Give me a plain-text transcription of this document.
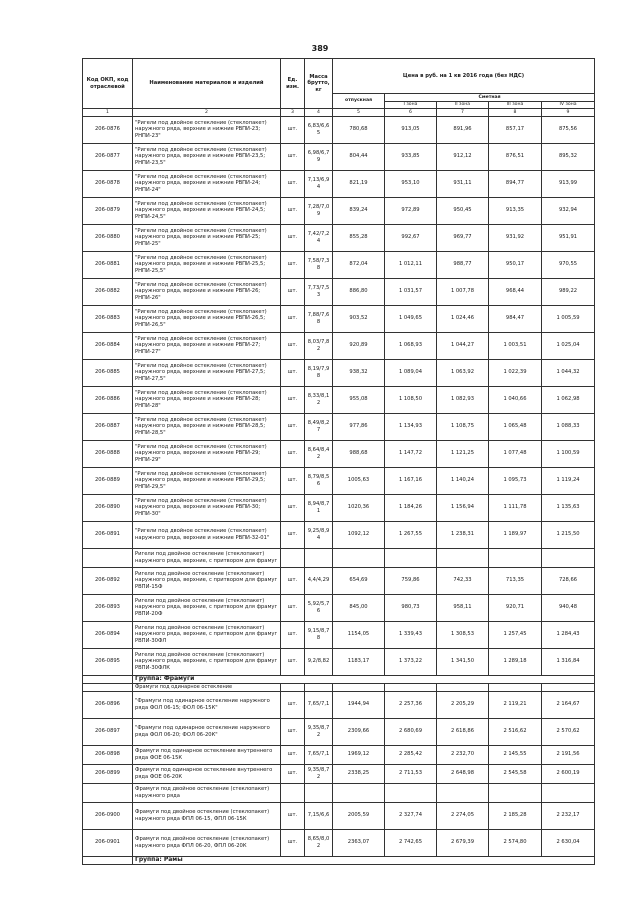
389
Код ОКП, код отраслевой	Наименование материалов и изделий	Ед. изм.	Масса брутто, кг	Цена в руб. на 1 кв 2016 года (без НДС)				
				отпускная	Сметная			
					I зона	II зона	III зона	IV зона
1	2	3	4	5	6	7	8	9
206-0876	"Ригели под двойное остекление (стеклопакет) наружного ряда, верхние и нижние РВПИ-23; РНПИ-23"	шт.	6,83/6,6 5	780,68	913,05	891,96	857,17	875,56
206-0877	"Ригели под двойное остекление (стеклопакет) наружного ряда, верхние и нижние РВПИ-23,5; РНПИ-23,5"	шт.	6,98/6,7 9	804,44	933,85	912,12	876,51	895,32
206-0878	"Ригели под двойное остекление (стеклопакет) наружного ряда, верхние и нижние РВПИ-24; РНПИ-24"	шт.	7,13/6,9 4	821,19	953,10	931,11	894,77	913,99
206-0879	"Ригели под двойное остекление (стеклопакет) наружного ряда, верхние и нижние РВПИ-24,5; РНПИ-24,5"	шт.	7,28/7,0 9	839,24	972,89	950,45	913,35	932,94
206-0880	"Ригели под двойное остекление (стеклопакет) наружного ряда, верхние и нижние РВПИ-25; РНПИ-25"	шт.	7,42/7,2 4	855,28	992,67	969,77	931,92	951,91
206-0881	"Ригели под двойное остекление (стеклопакет) наружного ряда, верхние и нижние РВПИ-25,5; РНПИ-25,5"	шт.	7,58/7,3 8	872,04	1 012,11	988,77	950,17	970,55
206-0882	"Ригели под двойное остекление (стеклопакет) наружного ряда, верхние и нижние РВПИ-26; РНПИ-26"	шт.	7,73/7,5 3	886,80	1 031,57	1 007,78	968,44	989,22
206-0883	"Ригели под двойное остекление (стеклопакет) наружного ряда, верхние и нижние РВПИ-26,5; РНПИ-26,5"	шт.	7,88/7,6 8	903,52	1 049,65	1 024,46	984,47	1 005,59
206-0884	"Ригели под двойное остекление (стеклопакет) наружного ряда, верхние и нижние РВПИ-27; РНПИ-27"	шт.	8,03/7,8 2	920,89	1 068,93	1 044,27	1 003,51	1 025,04
206-0885	"Ригели под двойное остекление (стеклопакет) наружного ряда, верхние и нижние РВПИ-27,5; РНПИ-27,5"	шт.	8,19/7,9 8	938,32	1 089,04	1 063,92	1 022,39	1 044,32
206-0886	"Ригели под двойное остекление (стеклопакет) наружного ряда, верхние и нижние РВПИ-28; РНПИ-28"	шт.	8,33/8,1 2	955,08	1 108,50	1 082,93	1 040,66	1 062,98
206-0887	"Ригели под двойное остекление (стеклопакет) наружного ряда, верхние и нижние РВПИ-28,5; РНПИ-28,5"	шт.	8,49/8,2 7	977,86	1 134,93	1 108,75	1 065,48	1 088,33
206-0888	"Ригели под двойное остекление (стеклопакет) наружного ряда, верхние и нижние РВПИ-29; РНПИ-29"	шт.	8,64/8,4 2	988,68	1 147,72	1 121,25	1 077,48	1 100,59
206-0889	"Ригели под двойное остекление (стеклопакет) наружного ряда, верхние и нижние РВПИ-29,5; РНПИ-29,5"	шт.	8,79/8,5 6	1005,63	1 167,16	1 140,24	1 095,73	1 119,24
206-0890	"Ригели под двойное остекление (стеклопакет) наружного ряда, верхние и нижние РВПИ-30; РНПИ-30"	шт.	8,94/8,7 1	1020,36	1 184,26	1 156,94	1 111,78	1 135,63
206-0891	"Ригели под двойное остекление (стеклопакет) наружного ряда, верхние и нижние РВПИ-32-01"	шт.	9,25/8,9 4	1092,12	1 267,55	1 238,31	1 189,97	1 215,50
	Ригели под двойное остекление (стеклопакет) наружного ряда, верхние, с притвором для фрамуг							
206-0892	Ригели под двойное остекление (стеклопакет) наружного ряда, верхние, с притвором для фрамуг РВПИ-15Ф	шт.	4,4/4,29	654,69	759,86	742,33	713,35	728,66
206-0893	Ригели под двойное остекление (стеклопакет) наружного ряда, верхние, с притвором для фрамуг РВПИ-20Ф	шт.	5,92/5,7 6	845,00	980,73	958,11	920,71	940,48
206-0894	Ригели под двойное остекление (стеклопакет) наружного ряда, верхние, с притвором для фрамуг РВПИ-30ФЛ	шт.	9,15/8,7 8	1154,05	1 339,43	1 308,53	1 257,45	1 284,43
206-0895	Ригели под двойное остекление (стеклопакет) наружного ряда, верхние, с притвором для фрамуг РВПИ-30ФЛК	шт.	9,2/8,82	1183,17	1 373,22	1 341,50	1 289,18	1 316,84
	Группа: Фрамуги							
	Фрамуги под одинарное остекление							
206-0896	"Фрамуги под одинарное остекление наружного ряда ФОЛ 06-15; ФОЛ 06-15К"	шт.	7,65/7,1	1944,94	2 257,36	2 205,29	2 119,21	2 164,67
206-0897	"Фрамуги под одинарное остекление наружного ряда ФОЛ 06-20; ФОЛ 06-20К"	шт.	9,35/8,7 2	2309,66	2 680,69	2 618,86	2 516,62	2 570,62
206-0898	Фрамуги под одинарное остекление внутреннего ряда ФОЕ 06-15К	шт.	7,65/7,1	1969,12	2 285,42	2 232,70	2 145,55	2 191,56
206-0899	Фрамуги под одинарное остекление внутреннего ряда ФОЕ 06-20К	шт.	9,35/8,7 2	2338,25	2 711,53	2 648,98	2 545,58	2 600,19
	Фрамуги под двойное остекление (стеклопакет) наружного ряда							
206-0900	Фрамуги под двойное остекление (стеклопакет) наружного ряда ФПЛ 06-15, ФПЛ 06-15К	шт.	7,15/6,6	2005,59	2 327,74	2 274,05	2 185,28	2 232,17
206-0901	Фрамуги под двойное остекление (стеклопакет) наружного ряда ФПЛ 06-20, ФПЛ 06-20К	шт.	8,65/8,0 2	2363,07	2 742,65	2 679,39	2 574,80	2 630,04
	Группа: Рамы							
